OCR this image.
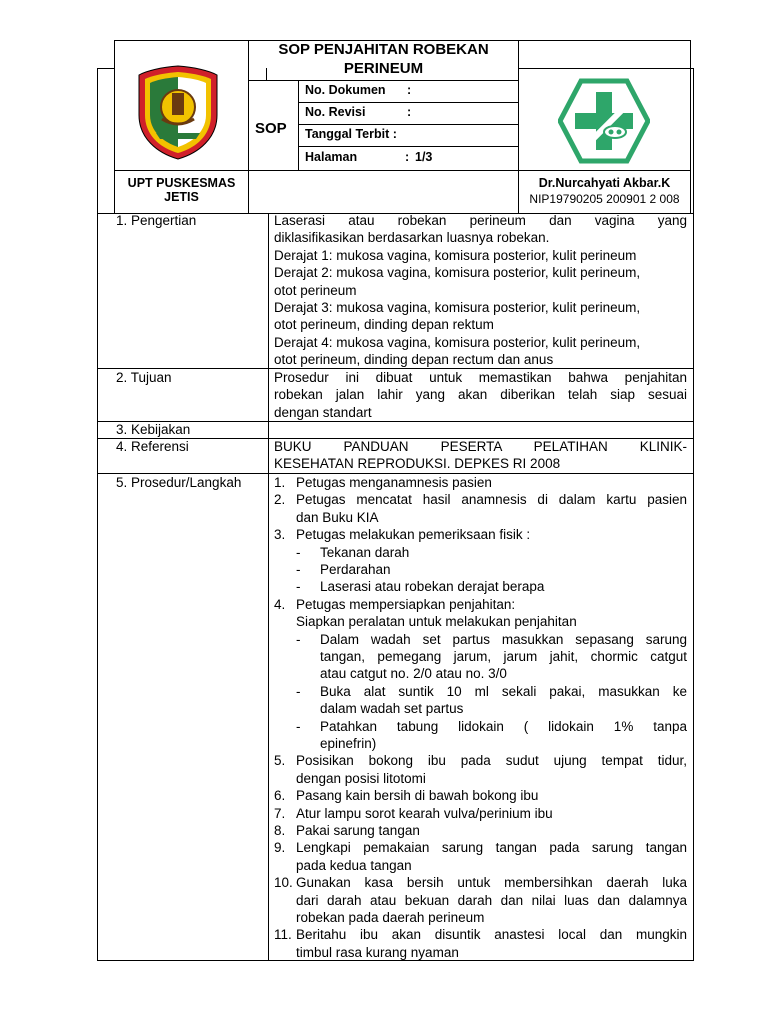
SOP PENJAHITAN ROBEKAN
PERINEUM
SOP
No. Dokumen :
No. Revisi	:
Tanggal Terbit :
Halaman	: 1/3
UPT PUSKESMAS
JETIS
Dr.Nurcahyati Akbar.K
NIP19790205 200901 2 008
1. Pengertian	Laserasi atau robekan perineum dan vagina yang
diklasifikasikan berdasarkan luasnya robekan.
Derajat 1: mukosa vagina, komisura posterior, kulit perineum
Derajat 2: mukosa vagina, komisura posterior, kulit perineum,
otot perineum
Derajat 3: mukosa vagina, komisura posterior, kulit perineum,
otot perineum, dinding depan rektum
Derajat 4: mukosa vagina, komisura posterior, kulit perineum,
otot perineum, dinding depan rectum dan anus
2. Tujuan	Prosedur ini dibuat untuk memastikan bahwa penjahitan
robekan jalan lahir yang akan diberikan telah siap sesuai
dengan standart
3. Kebijakan
4. Referensi	BUKU PANDUAN PESERTA PELATIHAN KLINIK-
KESEHATAN REPRODUKSI. DEPKES RI 2008
5. Prosedur/Langkah 1. Petugas menganamnesis pasien
2. Petugas mencatat hasil anamnesis di dalam kartu pasien
dan Buku KIA
3. Petugas melakukan pemeriksaan fisik :
- Tekanan darah
- Perdarahan
- Laserasi atau robekan derajat berapa
4. Petugas mempersiapkan penjahitan:
Siapkan peralatan untuk melakukan penjahitan
- Dalam wadah set partus masukkan sepasang sarung
tangan, pemegang jarum, jarum jahit, chormic catgut
atau catgut no. 2/0 atau no. 3/0
- Buka alat suntik 10 ml sekali pakai, masukkan ke
dalam wadah set partus
- Patahkan tabung lidokain ( lidokain 1% tanpa
epinefrin)
5. Posisikan bokong ibu pada sudut ujung tempat tidur,
dengan posisi litotomi
6. Pasang kain bersih di bawah bokong ibu
7. Atur lampu sorot kearah vulva/perinium ibu
8. Pakai sarung tangan
9. Lengkapi pemakaian sarung tangan pada sarung tangan
pada kedua tangan
10. Gunakan kasa bersih untuk membersihkan daerah luka
dari darah atau bekuan darah dan nilai luas dan dalamnya
robekan pada daerah perineum
11. Beritahu ibu akan disuntik anastesi local dan mungkin
timbul rasa kurang nyaman
